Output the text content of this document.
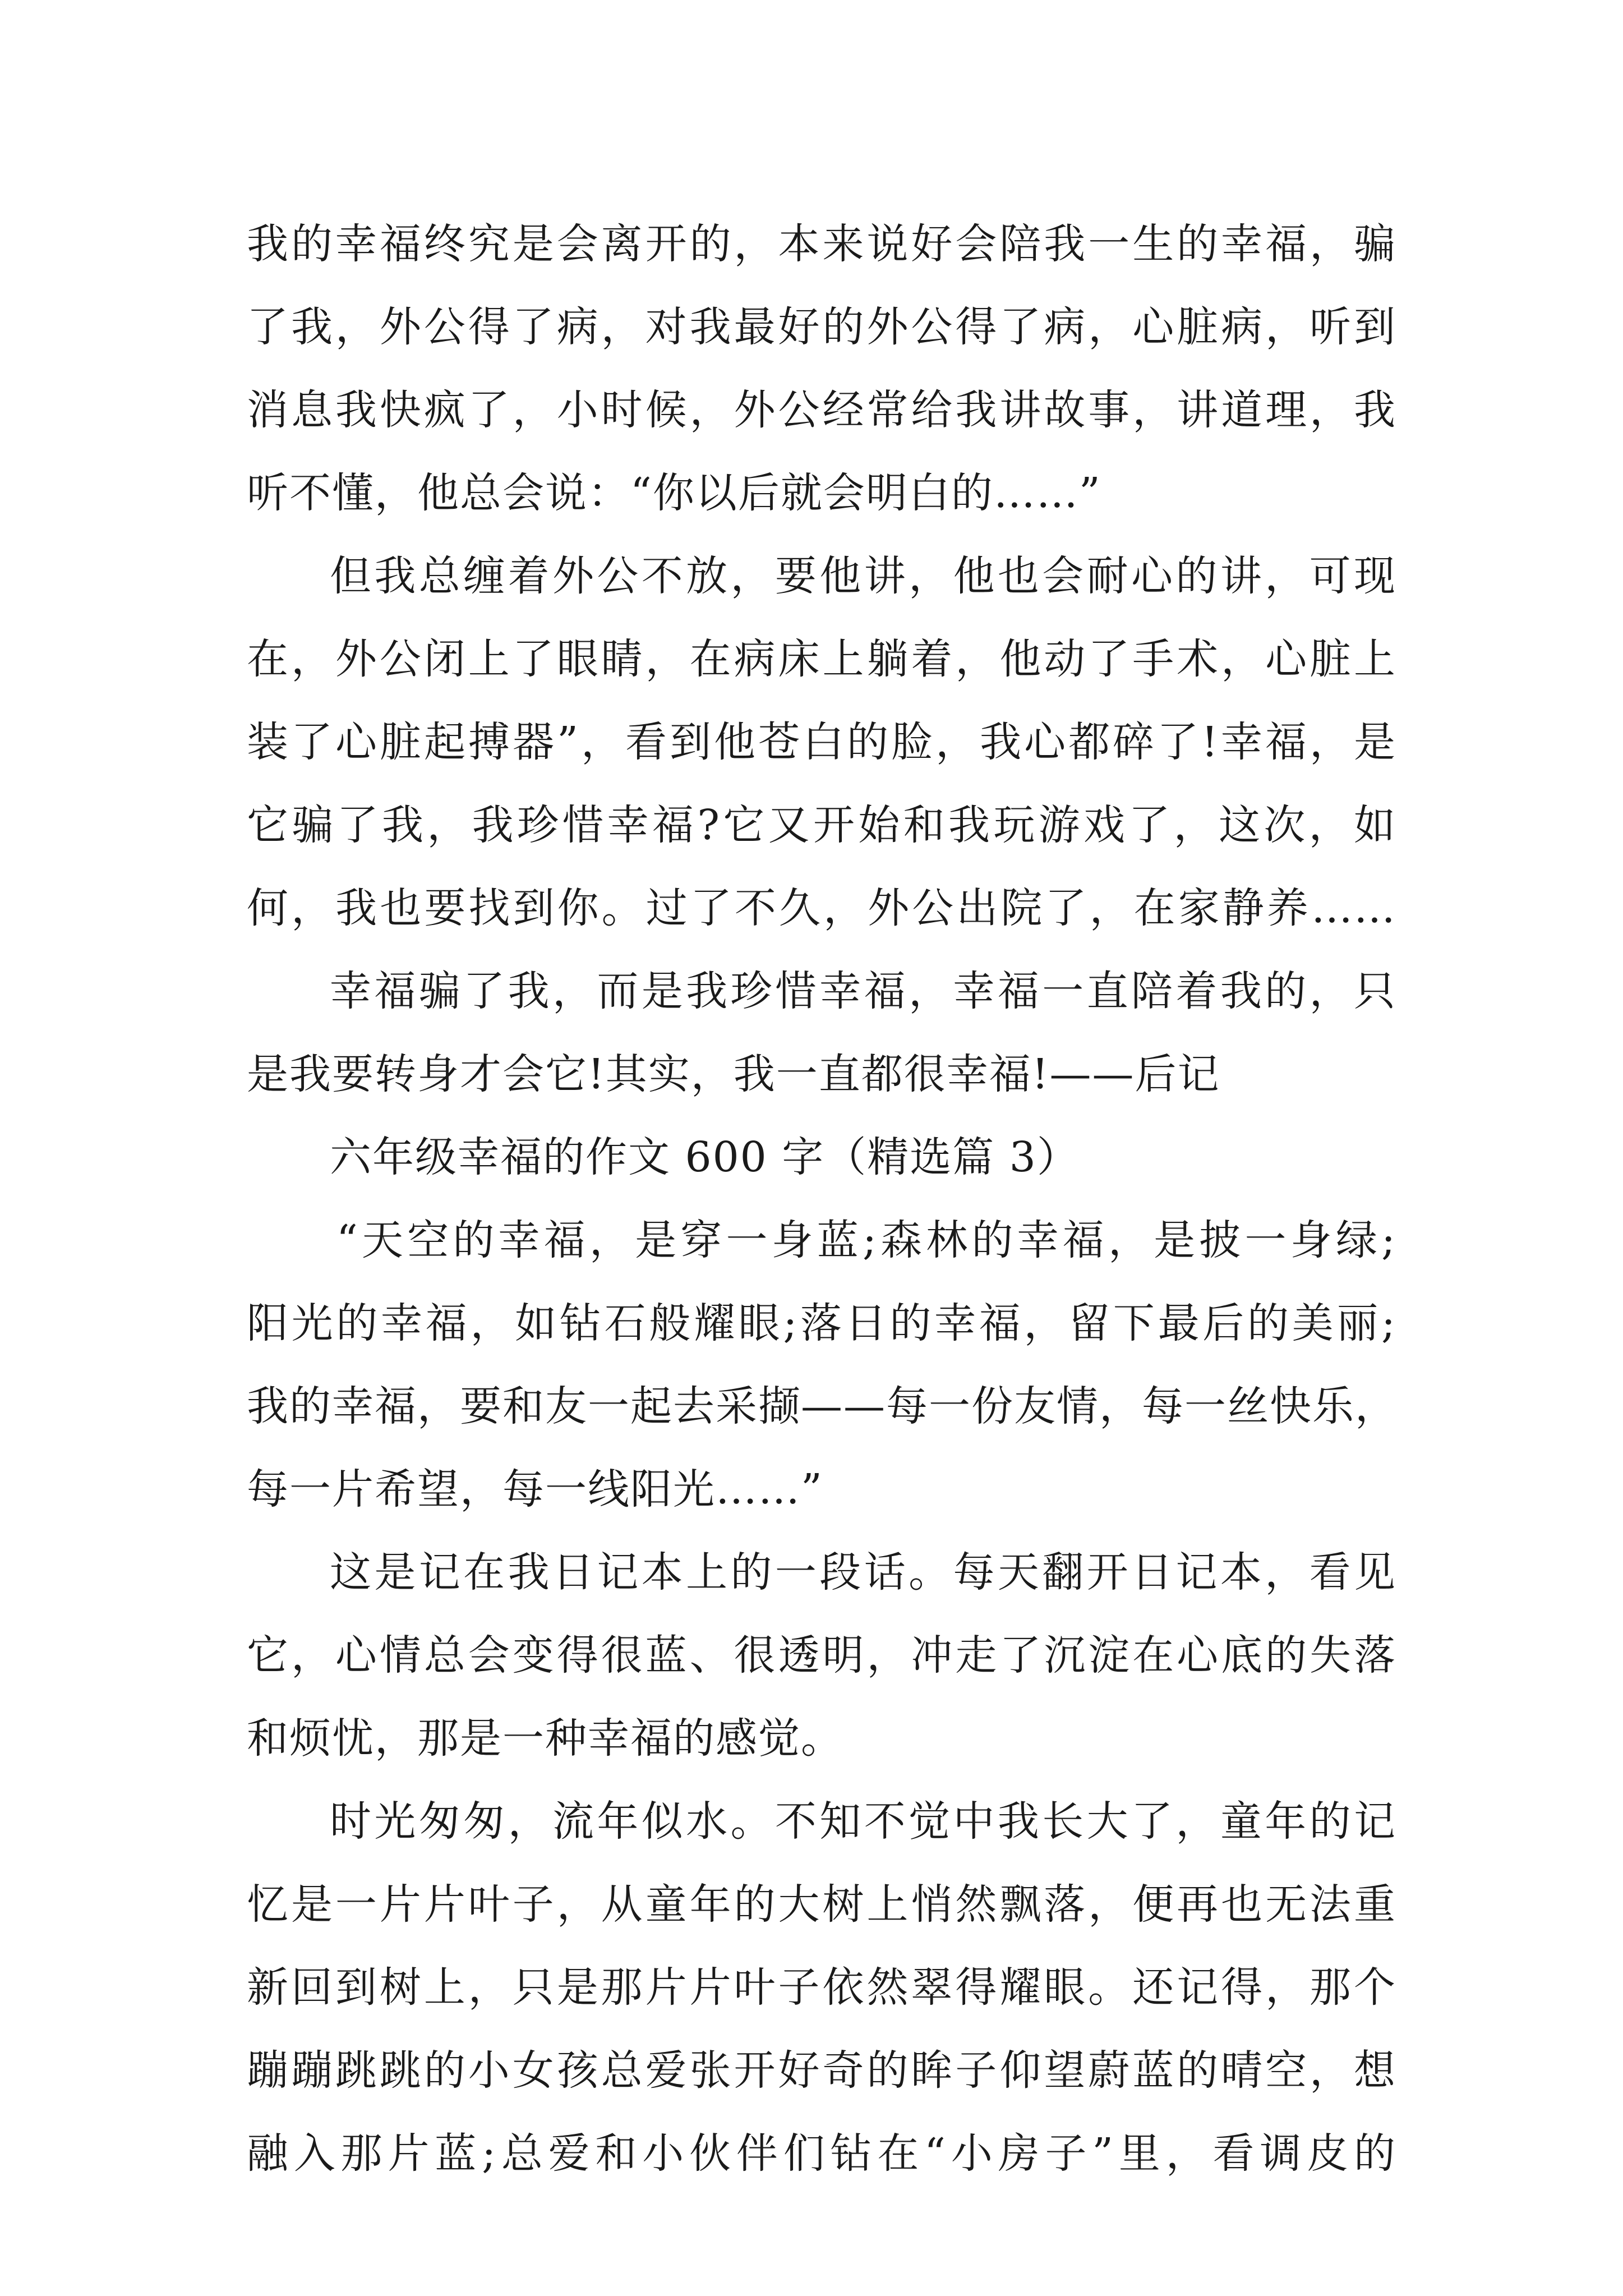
我的幸福终究是会离开的，本来说好会陪我一生的幸福，骗
了我，外公得了病，对我最好的外公得了病，心脏病，听到
消息我快疯了，小时候，外公经常给我讲故事，讲道理，我
听不懂，他总会说：“你以后就会明白的……”
但我总缠着外公不放，要他讲，他也会耐心的讲，可现
在，外公闭上了眼睛，在病床上躺着，他动了手术，心脏上
装了心脏起搏器”，看到他苍白的脸，我心都碎了!幸福，是
它骗了我，我珍惜幸福?它又开始和我玩游戏了，这次，如
何，我也要找到你。过了不久，外公出院了，在家静养……
幸福骗了我，而是我珍惜幸福，幸福一直陪着我的，只
是我要转身才会它!其实，我一直都很幸福!——后记
六年级幸福的作文 600 字（精选篇 3）
“天空的幸福，是穿一身蓝;森林的幸福，是披一身绿;
阳光的幸福，如钻石般耀眼;落日的幸福，留下最后的美丽;
我的幸福，要和友一起去采撷——每一份友情，每一丝快乐，
每一片希望，每一线阳光……”
这是记在我日记本上的一段话。每天翻开日记本，看见
它，心情总会变得很蓝、很透明，冲走了沉淀在心底的失落
和烦忧，那是一种幸福的感觉。
时光匆匆，流年似水。不知不觉中我长大了，童年的记
忆是一片片叶子，从童年的大树上悄然飘落，便再也无法重
新回到树上，只是那片片叶子依然翠得耀眼。还记得，那个
蹦蹦跳跳的小女孩总爱张开好奇的眸子仰望蔚蓝的晴空，想
融入那片蓝;总爱和小伙伴们钻在“小房子”里，看调皮的
